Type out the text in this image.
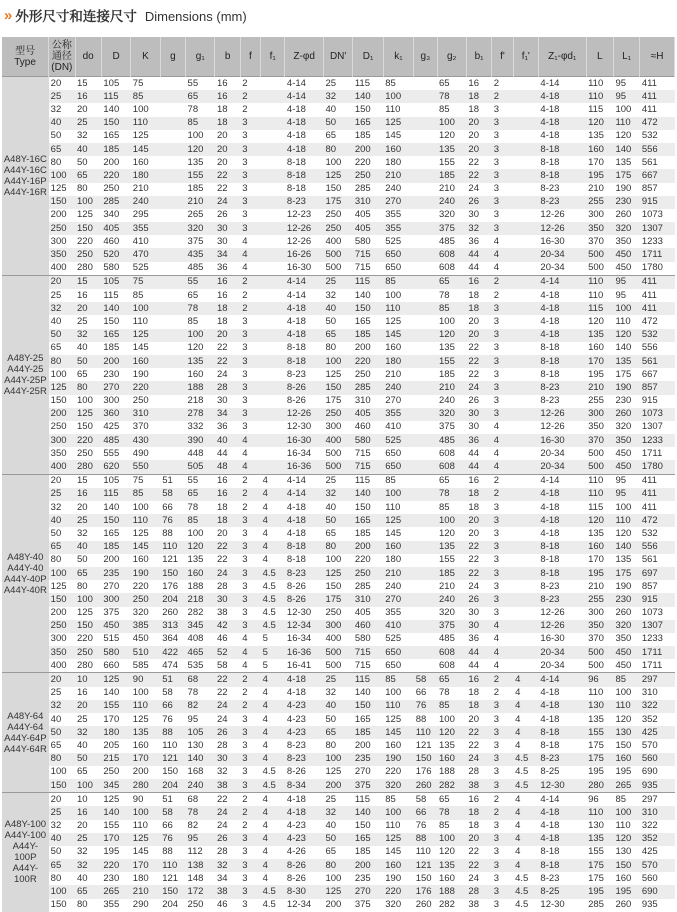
» 外形尺寸和连接尺寸 Dimensions (mm)
型号
Type	公称
通径
(DN)	do	D	K	g	g₁	b	f	f₁	Z-φd	DN'	D₁	k₁	g₃	g₂	b₁	f'	f₁'	Z₁-φd₁	L	L₁	≈H
A48Y-16C
A44Y-16C
A44Y-16P
A44Y-16R	20	15	105	75		55	16	2		4-14	25	115	85		65	16	2		4-14	110	95	411
	25	16	115	85		65	16	2		4-14	32	140	100		78	18	2		4-18	110	95	411
	32	20	140	100		78	18	2		4-18	40	150	110		85	18	3		4-18	115	100	411
	40	25	150	110		85	18	3		4-18	50	165	125		100	20	3		4-18	120	110	472
	50	32	165	125		100	20	3		4-18	65	185	145		120	20	3		4-18	135	120	532
	65	40	185	145		120	20	3		4-18	80	200	160		135	20	3		8-18	160	140	556
	80	50	200	160		135	20	3		8-18	100	220	180		155	22	3		8-18	170	135	561
	100	65	220	180		155	22	3		8-18	125	250	210		185	22	3		8-18	195	175	667
	125	80	250	210		185	22	3		8-18	150	285	240		210	24	3		8-23	210	190	857
	150	100	285	240		210	24	3		8-23	175	310	270		240	26	3		8-23	255	230	915
	200	125	340	295		265	26	3		12-23	250	405	355		320	30	3		12-26	300	260	1073
	250	150	405	355		320	30	3		12-26	250	405	355		375	32	3		12-26	350	320	1307
	300	220	460	410		375	30	4		12-26	400	580	525		485	36	4		16-30	370	350	1233
	350	250	520	470		435	34	4		16-26	500	715	650		608	44	4		20-34	500	450	1711
	400	280	580	525		485	36	4		16-30	500	715	650		608	44	4		20-34	500	450	1780
A48Y-25
A44Y-25
A44Y-25P
A44Y-25R	20	15	105	75		55	16	2		4-14	25	115	85		65	16	2		4-14	110	95	411
	25	16	115	85		65	16	2		4-14	32	140	100		78	18	2		4-18	110	95	411
	32	20	140	100		78	18	2		4-18	40	150	110		85	18	3		4-18	115	100	411
	40	25	150	110		85	18	3		4-18	50	165	125		100	20	3		4-18	120	110	472
	50	32	165	125		100	20	3		4-18	65	185	145		120	20	3		4-18	135	120	532
	65	40	185	145		120	22	3		8-18	80	200	160		135	22	3		8-18	160	140	556
	80	50	200	160		135	22	3		8-18	100	220	180		155	22	3		8-18	170	135	561
	100	65	230	190		160	24	3		8-23	125	250	210		185	22	3		8-18	195	175	667
	125	80	270	220		188	28	3		8-26	150	285	240		210	24	3		8-23	210	190	857
	150	100	300	250		218	30	3		8-26	175	310	270		240	26	3		8-23	255	230	915
	200	125	360	310		278	34	3		12-26	250	405	355		320	30	3		12-26	300	260	1073
	250	150	425	370		332	36	3		12-30	300	460	410		375	30	4		12-26	350	320	1307
	300	220	485	430		390	40	4		16-30	400	580	525		485	36	4		16-30	370	350	1233
	350	250	555	490		448	44	4		16-34	500	715	650		608	44	4		20-34	500	450	1711
	400	280	620	550		505	48	4		16-36	500	715	650		608	44	4		20-34	500	450	1780
A48Y-40
A44Y-40
A44Y-40P
A44Y-40R	20	15	105	75	51	55	16	2	4	4-14	25	115	85		65	16	2		4-14	110	95	411
	25	16	115	85	58	65	16	2	4	4-14	32	140	100		78	18	2		4-18	110	95	411
	32	20	140	100	66	78	18	2	4	4-18	40	150	110		85	18	3		4-18	115	100	411
	40	25	150	110	76	85	18	3	4	4-18	50	165	125		100	20	3		4-18	120	110	472
	50	32	165	125	88	100	20	3	4	4-18	65	185	145		120	20	3		4-18	135	120	532
	65	40	185	145	110	120	22	3	4	8-18	80	200	160		135	22	3		8-18	160	140	556
	80	50	200	160	121	135	22	3	4	8-18	100	220	180		155	22	3		8-18	170	135	561
	100	65	235	190	150	160	24	3	4.5	8-23	125	250	210		185	22	3		8-18	195	175	697
	125	80	270	220	176	188	28	3	4.5	8-26	150	285	240		210	24	3		8-23	210	190	857
	150	100	300	250	204	218	30	3	4.5	8-26	175	310	270		240	26	3		8-23	255	230	915
	200	125	375	320	260	282	38	3	4.5	12-30	250	405	355		320	30	3		12-26	300	260	1073
	250	150	450	385	313	345	42	3	4.5	12-34	300	460	410		375	30	4		12-26	350	320	1307
	300	220	515	450	364	408	46	4	5	16-34	400	580	525		485	36	4		16-30	370	350	1233
	350	250	580	510	422	465	52	4	5	16-36	500	715	650		608	44	4		20-34	500	450	1711
	400	280	660	585	474	535	58	4	5	16-41	500	715	650		608	44	4		20-34	500	450	1711
A48Y-64
A44Y-64
A44Y-64P
A44Y-64R	20	10	125	90	51	68	22	2	4	4-18	25	115	85	58	65	16	2	4	4-14	96	85	297
	25	16	140	100	58	78	22	2	4	4-18	32	140	100	66	78	18	2	4	4-18	110	100	310
	32	20	155	110	66	82	24	2	4	4-23	40	150	110	76	85	18	3	4	4-18	130	110	322
	40	25	170	125	76	95	24	3	4	4-23	50	165	125	88	100	20	3	4	4-18	135	120	352
	50	32	180	135	88	105	26	3	4	4-23	65	185	145	110	120	22	3	4	8-18	155	130	425
	65	40	205	160	110	130	28	3	4	8-23	80	200	160	121	135	22	3	4	8-18	175	150	570
	80	50	215	170	121	140	30	3	4	8-23	100	235	190	150	160	24	3	4.5	8-23	175	160	560
	100	65	250	200	150	168	32	3	4.5	8-26	125	270	220	176	188	28	3	4.5	8-25	195	195	690
	150	100	345	280	204	240	38	3	4.5	8-34	200	375	320	260	282	38	3	4.5	12-30	280	265	935
A48Y-100
A44Y-100
A44Y-100P
A44Y-100R	20	10	125	90	51	68	22	2	4	4-18	25	115	85	58	65	16	2	4	4-14	96	85	297
	25	16	140	100	58	78	24	2	4	4-18	32	140	100	66	78	18	2	4	4-18	110	100	310
	32	20	155	110	66	82	24	2	4	4-23	40	150	110	76	85	18	3	4	4-18	130	110	322
	40	25	170	125	76	95	26	3	4	4-23	50	165	125	88	100	20	3	4	4-18	135	120	352
	50	32	195	145	88	112	28	3	4	4-26	65	185	145	110	120	22	3	4	8-18	155	130	425
	65	32	220	170	110	138	32	3	4	8-26	80	200	160	121	135	22	3	4	8-18	175	150	570
	80	40	230	180	121	148	34	3	4	8-26	100	235	190	150	160	24	3	4.5	8-23	175	160	560
	100	65	265	210	150	172	38	3	4.5	8-30	125	270	220	176	188	28	3	4.5	8-25	195	195	690
	150	80	355	290	204	250	46	3	4.5	12-34	200	375	320	260	282	38	3	4.5	12-30	285	260	935
